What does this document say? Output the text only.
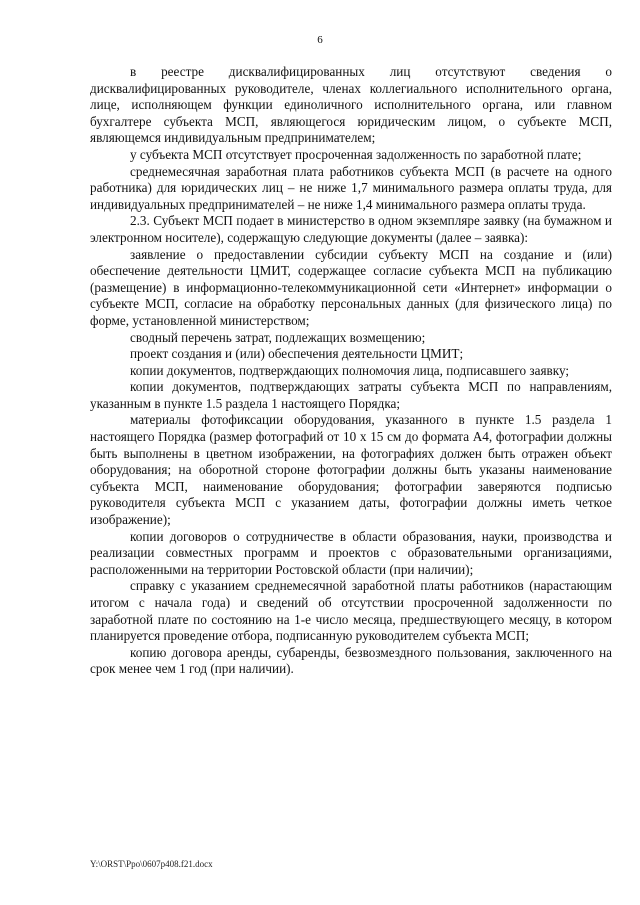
6

в реестре дисквалифицированных лиц отсутствуют сведения о дисквалифицированных руководителе, членах коллегиального исполнительного органа, лице, исполняющем функции единоличного исполнительного органа, или главном бухгалтере субъекта МСП, являющегося юридическим лицом, о субъекте МСП, являющемся индивидуальным предпринимателем;

у субъекта МСП отсутствует просроченная задолженность по заработной плате;

среднемесячная заработная плата работников субъекта МСП (в расчете на одного работника) для юридических лиц – не ниже 1,7 минимального размера оплаты труда, для индивидуальных предпринимателей – не ниже 1,4 минимального размера оплаты труда.

2.3. Субъект МСП подает в министерство в одном экземпляре заявку (на бумажном и электронном носителе), содержащую следующие документы (далее – заявка):

заявление о предоставлении субсидии субъекту МСП на создание и (или) обеспечение деятельности ЦМИТ, содержащее согласие субъекта МСП на публикацию (размещение) в информационно-телекоммуникационной сети «Интернет» информации о субъекте МСП, согласие на обработку персональных данных (для физического лица) по форме, установленной министерством;

сводный перечень затрат, подлежащих возмещению;

проект создания и (или) обеспечения деятельности ЦМИТ;

копии документов, подтверждающих полномочия лица, подписавшего заявку;

копии документов, подтверждающих затраты субъекта МСП по направлениям, указанным в пункте 1.5 раздела 1 настоящего Порядка;

материалы фотофиксации оборудования, указанного в пункте 1.5 раздела 1 настоящего Порядка (размер фотографий от 10 х 15 см до формата А4, фотографии должны быть выполнены в цветном изображении, на фотографиях должен быть отражен объект оборудования; на оборотной стороне фотографии должны быть указаны наименование субъекта МСП, наименование оборудования; фотографии заверяются подписью руководителя субъекта МСП с указанием даты, фотографии должны иметь четкое изображение);

копии договоров о сотрудничестве в области образования, науки, производства и реализации совместных программ и проектов с образовательными организациями, расположенными на территории Ростовской области (при наличии);

справку с указанием среднемесячной заработной платы работников (нарастающим итогом с начала года) и сведений об отсутствии просроченной задолженности по заработной плате по состоянию на 1-е число месяца, предшествующего месяцу, в котором планируется проведение отбора, подписанную руководителем субъекта МСП;

копию договора аренды, субаренды, безвозмездного пользования, заключенного на срок менее чем 1 год (при наличии).

Y:\ORST\Ppo\0607p408.f21.docx
